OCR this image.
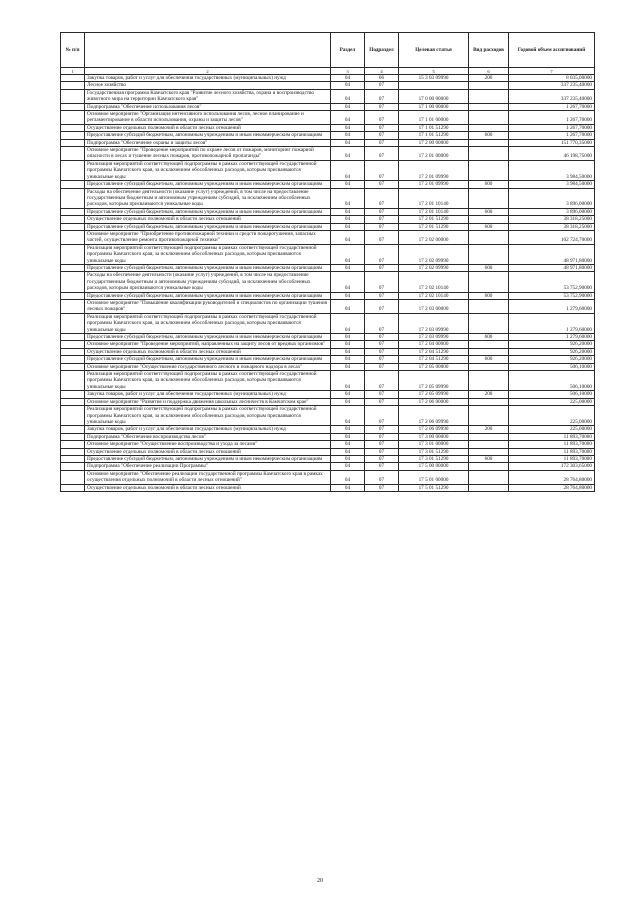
№ п/п		Раздел	Подраздел	Целевая статья	Вид расходов	Годовой объем ассигнований
1	2	3	4	5	6	7
	Закупка товаров, работ и услуг для обеспечения государственных (муниципальных) нужд	04	06	15 3 03 09990	200	8 035,00000
	Лесное хозяйство	04	07			337 235,40000
	Государственная программа Камчатского края "Развитие лесного хозяйства, охрана и воспроизводство животного мира на территории Камчатского края"	04	07	17 0 00 00000		337 235,40000
	Подпрограмма "Обеспечение использования лесов"	04	07	17 1 00 00000		1 267,70000
	Основное мероприятие "Организация интенсивного использования лесов, лесное планирование и регламентирование в области использования, охраны и защиты лесов"	04	07	17 1 01 00000		1 267,70000
	Осуществление отдельных полномочий в области лесных отношений	04	07	17 1 01 51290		1 267,70000
	Предоставление субсидий бюджетным, автономным учреждениям и иным некоммерческим организациям	04	07	17 1 01 51290	600	1 267,70000
	Подпрограмма "Обеспечение охраны и защиты лесов"	04	07	17 2 00 00000		151 770,35000
	Основное мероприятие "Проведение мероприятий по охране лесов от пожаров, мониторинг пожарной опасности в лесах и тушение лесных пожаров, противопожарной пропаганды"	04	07	17 2 01 00000		46 198,75000
	Реализация мероприятий соответствующей подпрограммы в рамках соответствующей государственной программы Камчатского края, за исключением обособленных расходов, которым присваиваются уникальные коды	04	07	17 2 01 09990		3 984,50000
	Предоставление субсидий бюджетным, автономным учреждениям и иным некоммерческим организациям	04	07	17 2 01 09990	600	3 984,50000
	Расходы на обеспечение деятельности (оказание услуг) учреждений, в том числе на предоставление государственным бюджетным и автономным учреждениям субсидий, за исключением обособленных расходов, которым присваиваются уникальные коды	04	07	17 2 01 10140		3 896,00000
	Предоставление субсидий бюджетным, автономным учреждениям и иным некоммерческим организациям	04	07	17 2 01 10140	600	3 896,00000
	Осуществление отдельных полномочий в области лесных отношений	04	07	17 2 01 51290		38 318,25000
	Предоставление субсидий бюджетным, автономным учреждениям и иным некоммерческим организациям	04	07	17 2 01 51290	600	38 318,25000
	Основное мероприятие "Приобретение противопожарной техники и средств пожаротушения, запасных частей, осуществление ремонта противопожарной техники"	04	07	17 2 02 00000		102 724,70000
	Реализация мероприятий соответствующей подпрограммы в рамках соответствующей государственной программы Камчатского края, за исключением обособленных расходов, которым присваиваются уникальные коды	04	07	17 2 02 09990		48 971,80000
	Предоставление субсидий бюджетным, автономным учреждениям и иным некоммерческим организациям	04	07	17 2 02 09990	600	48 971,80000
	Расходы на обеспечение деятельности (оказание услуг) учреждений, в том числе на предоставление государственным бюджетным и автономным учреждениям субсидий, за исключением обособленных расходов, которым присваиваются уникальные коды	04	07	17 2 02 10140		53 752,90000
	Предоставление субсидий бюджетным, автономным учреждениям и иным некоммерческим организациям	04	07	17 2 02 10140	600	53 752,90000
	Основное мероприятие "Повышение квалификации руководителей и специалистов по организации тушения лесных пожаров"	04	07	17 2 03 00000		1 279,60000
	Реализация мероприятий соответствующей подпрограммы в рамках соответствующей государственной программы Камчатского края, за исключением обособленных расходов, которым присваиваются уникальные коды	04	07	17 2 03 09990		1 279,60000
	Предоставление субсидий бюджетным, автономным учреждениям и иным некоммерческим организациям	04	07	17 2 03 09990	600	1 279,60000
	Основное мероприятие "Проведение мероприятий, направленных на защиту лесов от вредных организмов"	04	07	17 2 04 00000		926,20000
	Осуществление отдельных полномочий в области лесных отношений	04	07	17 2 04 51290		926,20000
	Предоставление субсидий бюджетным, автономным учреждениям и иным некоммерческим организациям	04	07	17 2 04 51290	600	926,20000
	Основное мероприятие "Осуществление государственного лесного и пожарного надзора в лесах"	04	07	17 2 05 00000		506,10000
	Реализация мероприятий соответствующей подпрограммы в рамках соответствующей государственной программы Камчатского края, за исключением обособленных расходов, которым присваиваются уникальные коды	04	07	17 2 05 09990		506,10000
	Закупка товаров, работ и услуг для обеспечения государственных (муниципальных) нужд	04	07	17 2 05 09990	200	506,10000
	Основное мероприятие "Развитие и поддержка движения школьных лесничеств в Камчатском крае"	04	07	17 2 06 00000		225,00000
	Реализация мероприятий соответствующей подпрограммы в рамках соответствующей государственной программы Камчатского края, за исключением обособленных расходов, которым присваиваются уникальные коды	04	07	17 2 06 09990		225,00000
	Закупка товаров, работ и услуг для обеспечения государственных (муниципальных) нужд	04	07	17 2 06 09990	200	225,00000
	Подпрограмма "Обеспечение воспроизводства лесов"	04	07	17 3 00 00000		11 893,70000
	Основное мероприятие "Осуществление воспроизводства и ухода за лесами"	04	07	17 3 01 00000		11 893,70000
	Осуществление отдельных полномочий в области лесных отношений	04	07	17 3 01 51290		11 893,70000
	Предоставление субсидий бюджетным, автономным учреждениям и иным некоммерческим организациям	04	07	17 3 01 51290	600	11 893,70000
	Подпрограмма "Обеспечение реализации Программы"	04	07	17 5 00 00000		172 303,65000
	Основное мероприятие "Обеспечение реализации государственной программы Камчатского края в рамках осуществления отдельных полномочий в области лесных отношений"	04	07	17 5 01 00000		28 764,80000
	Осуществление отдельных полномочий в области лесных отношений	04	07	17 5 01 51290		28 764,80000
20
